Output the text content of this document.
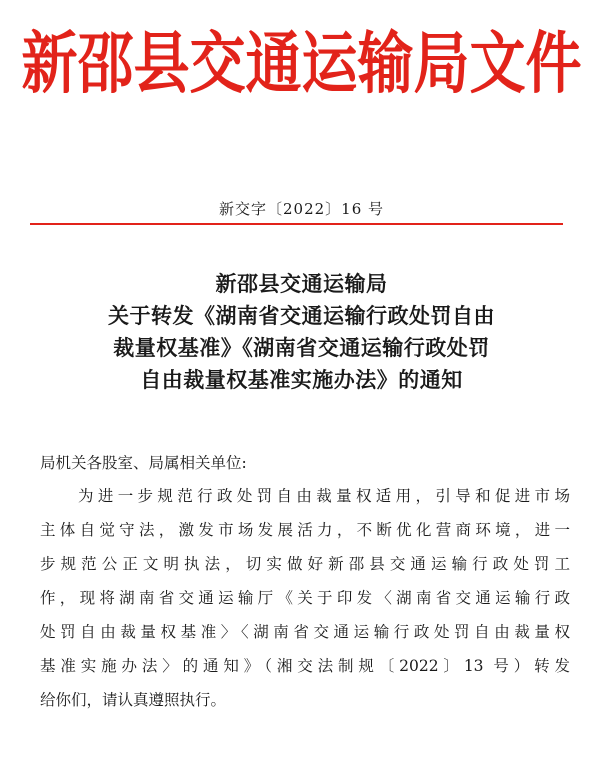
新邵县交通运输局文件
新交字〔2022〕16 号
新邵县交通运输局
关于转发《湖南省交通运输行政处罚自由
裁量权基准》《湖南省交通运输行政处罚
自由裁量权基准实施办法》的通知
局机关各股室、局属相关单位:
为进一步规范行政处罚自由裁量权适用，引导和促进市场
主体自觉守法，激发市场发展活力，不断优化营商环境，进一
步规范公正文明执法，切实做好新邵县交通运输行政处罚工
作，现将湖南省交通运输厅《关于印发〈湖南省交通运输行政
处罚自由裁量权基准〉〈湖南省交通运输行政处罚自由裁量权
基准实施办法〉的通知》（湘交法制规〔2022〕13 号）转发
给你们，请认真遵照执行。
